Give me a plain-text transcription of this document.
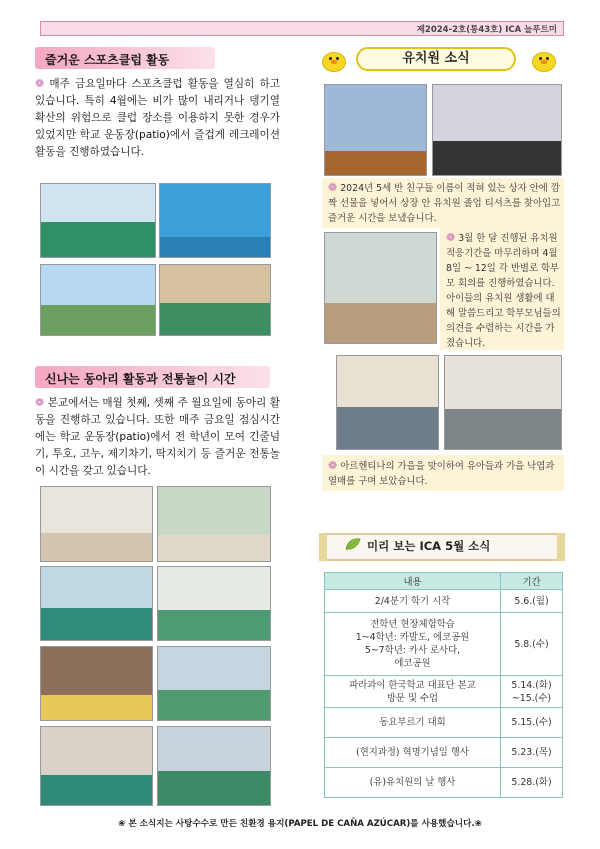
제2024-2호(통43호) ICA 늘푸트미
즐거운 스포츠클럽 활동
❁ 매주 금요일마다 스포츠클럽 활동을 열심히 하고 있습니다. 특히 4월에는 비가 많이 내리거나 뎅기열 확산의 위험으로 클럽 장소를 이용하지 못한 경우가 있었지만 학교 운동장(patio)에서 즐겁게 레크레이션 활동을 진행하였습니다.
신나는 동아리 활동과 전통놀이 시간
❁ 본교에서는 매월 첫째, 셋째 주 월요일에 동아리 활동을 진행하고 있습니다. 또한 매주 금요일 점심시간에는 학교 운동장(patio)에서 전 학년이 모여 긴줄넘기, 투호, 고누, 제기차기, 딱지치기 등 즐거운 전통놀이 시간을 갖고 있습니다.
유치원 소식
❁ 2024년 5세 반 친구들 이름이 적혀 있는 상자 안에 깜짝 선물을 넣어서 상장 안 유치원 졸업 티셔츠를 찾아입고 즐거운 시간을 보냈습니다.
❁ 3월 한 달 진행된 유치원 적응기간을 마무리하며 4월 8일 ~ 12일 각 반별로 학부모 회의를 진행하였습니다. 아이들의 유치원 생활에 대해 말씀드리고 학부모님들의 의견을 수렴하는 시간을 가졌습니다.
❁ 아르헨티나의 가을을 맞이하여 유아들과 가을 낙엽과 열매를 구며 보았습니다.
미리 보는 ICA 5월 소식
내용	기간
2/4분기 학기 시작	5.6.(월)
전학년 현장체험학습
1~4학년: 카발도, 에코공원
5~7학년: 카사 로사다,
에코공원	5.8.(수)
파라과이 한국학교 대표단 본교
방문 및 수업	5.14.(화)
~15.(수)
동요부르기 대회	5.15.(수)
(현지과정) 혁명기념일 행사	5.23.(목)
(유)유치원의 날 행사	5.28.(화)
❀ 본 소식지는 사탕수수로 만든 친환경 용지(PAPEL DE CAÑA AZÚCAR)를 사용했습니다.❀
